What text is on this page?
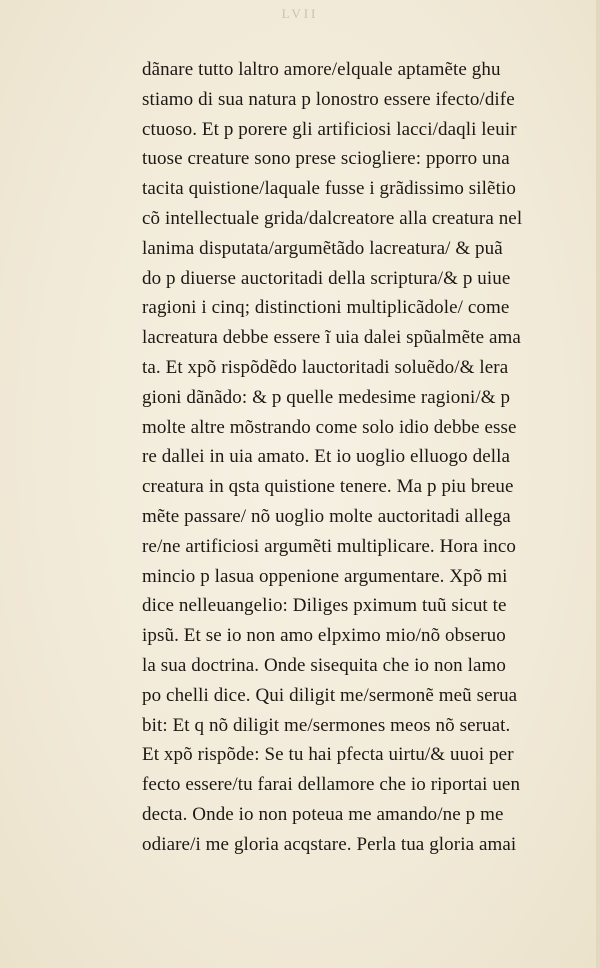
LVII
dãnare tutto laltro amore/elquale aptamẽte ghu
stiamo di sua natura p lonostro essere ifecto/dife
ctuoso. Et p porere gli artificiosi lacci/daqli leuir
tuose creature sono prese sciogliere: pporro una
tacita quistione/laquale fusse i grãdissimo silẽtio
cõ intellectuale grida/dalcreatore alla creatura nel
lanima disputata/argumẽtãdo lacreatura/ & puã
do p diuerse auctoritadi della scriptura/& p uiue
ragioni i cinq; distinctioni multiplicãdole/ come
lacreatura debbe essere ĩ uia dalei spũalmẽte ama
ta. Et xpõ rispõdẽdo lauctoritadi soluẽdo/& lera
gioni dãnãdo: & p quelle medesime ragioni/& p
molte altre mõstrando come solo idio debbe esse
re dallei in uia amato. Et io uoglio elluogo della
creatura in qsta quistione tenere. Ma p piu breue
mẽte passare/ nõ uoglio molte auctoritadi allega
re/ne artificiosi argumẽti multiplicare. Hora inco
mincio p lasua oppenione argumentare. Xpõ mi
dice nelleuangelio: Diliges pximum tuũ sicut te
ipsũ. Et se io non amo elpximo mio/nõ obseruo
la sua doctrina. Onde sisequita che io non lamo
po chelli dice. Qui diligit me/sermonẽ meũ serua
bit: Et q nõ diligit me/sermones meos nõ seruat.
Et xpõ rispõde: Se tu hai pfecta uirtu/& uuoi per
fecto essere/tu farai dellamore che io riportai uen
decta. Onde io non poteua me amando/ne p me
odiare/i me gloria acqstare. Perla tua gloria amai
